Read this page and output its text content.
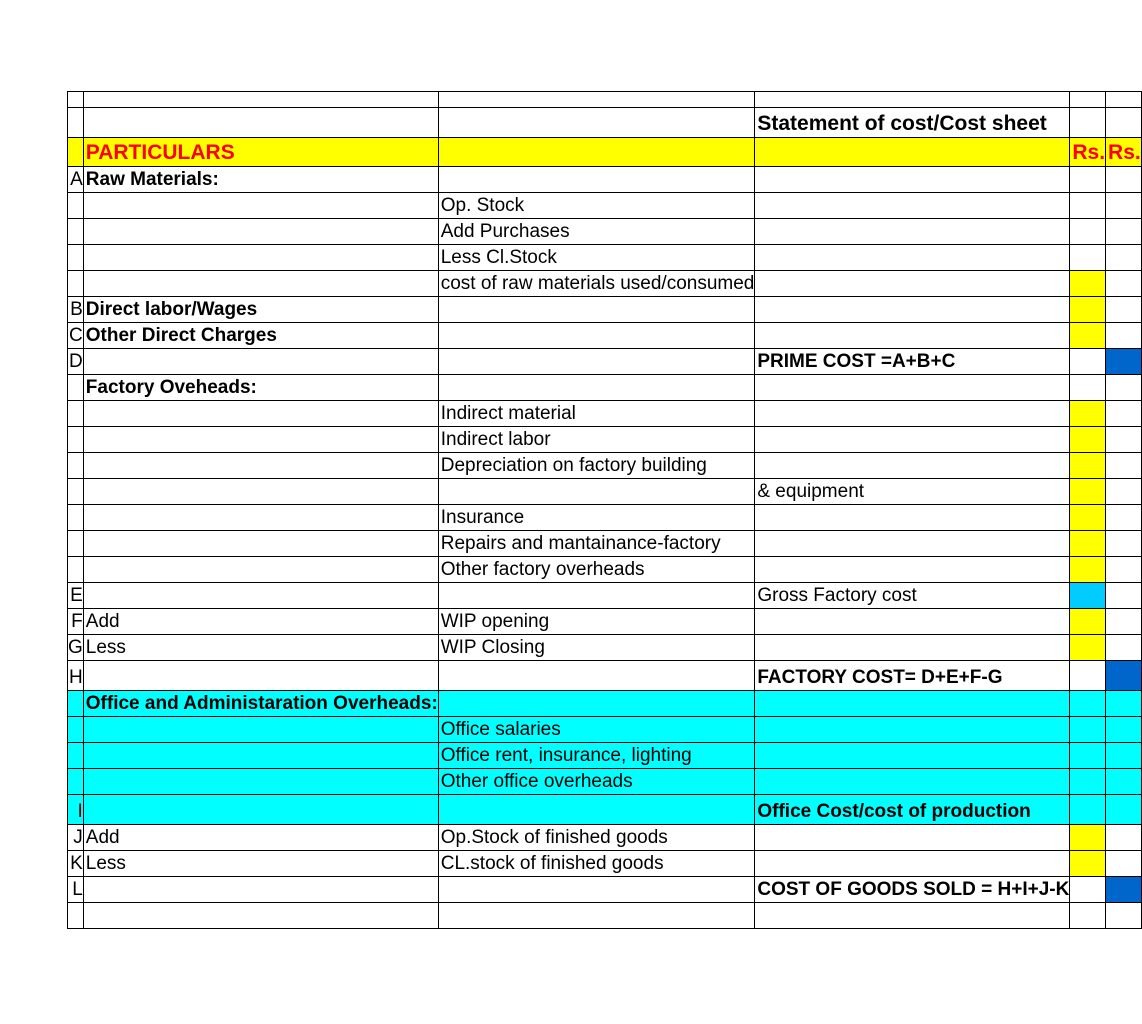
			Statement of cost/Cost sheet		
	PARTICULARS			Rs.	Rs.
A	Raw Materials:				
		Op. Stock			
		Add Purchases			
		Less Cl.Stock			
		cost of raw materials used/consumed			
B	Direct labor/Wages				
C	Other Direct Charges				
D			PRIME COST =A+B+C		
	Factory Oveheads:				
		Indirect material			
		Indirect labor			
		Depreciation on factory building			
			& equipment		
		Insurance			
		Repairs and mantainance-factory			
		Other factory overheads			
E			Gross Factory cost		
F	Add	WIP opening			
G	Less	WIP Closing			
H			FACTORY COST= D+E+F-G		
	Office and Administaration Overheads:				
		Office salaries			
		Office rent, insurance, lighting			
		Other office overheads			
I			Office Cost/cost of production		
J	Add	Op.Stock of finished goods			
K	Less	CL.stock of finished goods			
L			COST OF GOODS SOLD = H+I+J-K		
